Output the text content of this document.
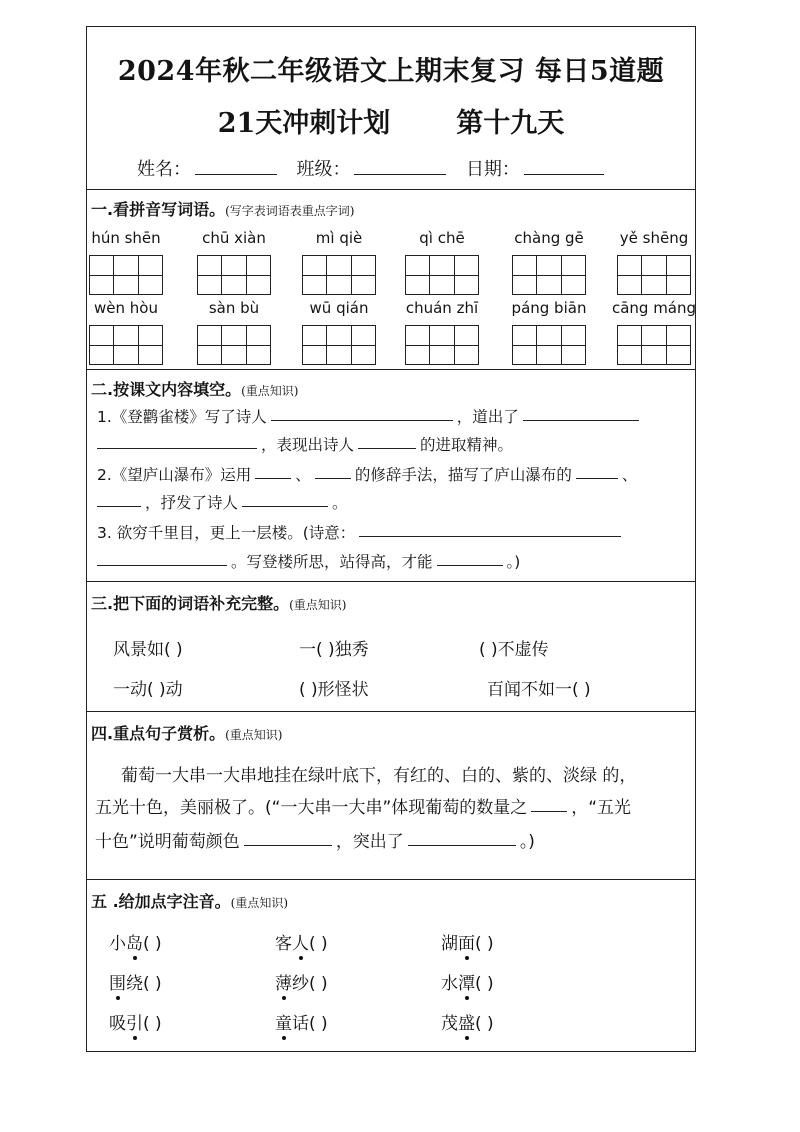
2024年秋二年级语文上期末复习 每日5道题
21天冲刺计划 第十九天
姓名：	班级：	日期：
一.看拼音写词语。(写字表词语表重点字词)
hún shēn	chū xiàn	mì qiè	qì chē	chàng gē	yě shēng
wèn hòu	sàn bù	wū qián	chuán zhī	páng biān	cāng máng
二.按课文内容填空。(重点知识)
1.《登鹳雀楼》写了诗人	，道出了
，表现出诗人	的进取精神。
2.《望庐山瀑布》运用	、	的修辞手法，描写了庐山瀑布的	、
，抒发了诗人	。
3. 欲穷千里目，更上一层楼。(诗意：
。写登楼所思，站得高，才能	。)
三.把下面的词语补充完整。(重点知识)
风景如( )	一( )独秀	( )不虚传
一动( )动	( )形怪状	百闻不如一( )
四.重点句子赏析。(重点知识)
葡萄一大串一大串地挂在绿叶底下，有红的、白的、紫的、淡绿 的，
五光十色，美丽极了。(“一大串一大串”体现葡萄的数量之	，“五光
十色”说明葡萄颜色	，突出了	。)
五 .给加点字注音。(重点知识)
小岛( )	客人( )	湖面( )
围绕( )	薄纱( )	水潭( )
吸引( )	童话( )	茂盛( )
